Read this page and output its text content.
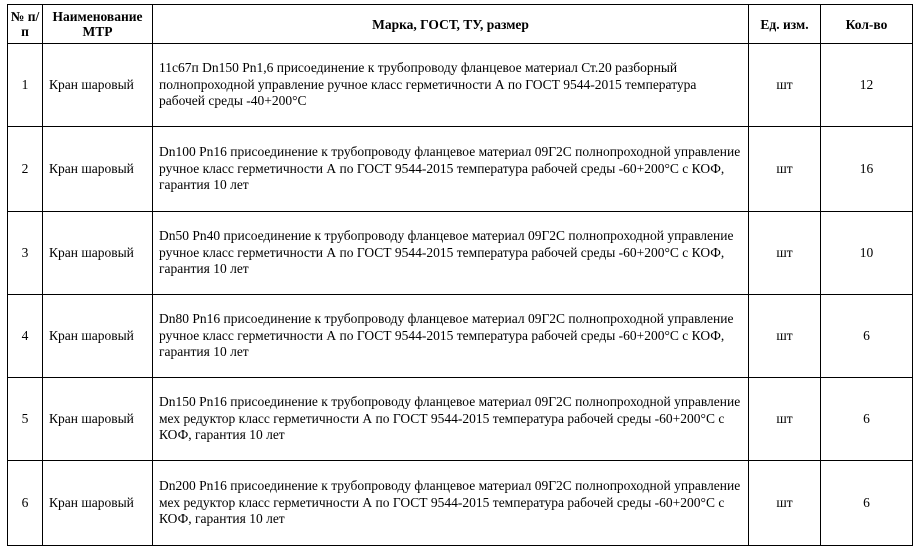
№ п/п	Наименование МТР	Марка, ГОСТ, ТУ, размер	Ед. изм.	Кол-во
1	Кран шаровый	11с67п Dn150 Pn1,6 присоединение к трубопроводу фланцевое материал Ст.20 разборный полнопроходной управление ручное класс герметичности А по ГОСТ 9544-2015 температура рабочей среды -40+200°С	шт	12
2	Кран шаровый	Dn100 Pn16 присоединение к трубопроводу фланцевое материал 09Г2С полнопроходной управление ручное класс герметичности А по ГОСТ 9544-2015 температура рабочей среды -60+200°С с КОФ, гарантия 10 лет	шт	16
3	Кран шаровый	Dn50 Pn40 присоединение к трубопроводу фланцевое материал 09Г2С полнопроходной управление ручное класс герметичности А по ГОСТ 9544-2015 температура рабочей среды -60+200°С с КОФ, гарантия 10 лет	шт	10
4	Кран шаровый	Dn80 Pn16 присоединение к трубопроводу фланцевое материал 09Г2С полнопроходной управление ручное класс герметичности А по ГОСТ 9544-2015 температура рабочей среды -60+200°С с КОФ, гарантия 10 лет	шт	6
5	Кран шаровый	Dn150 Pn16 присоединение к трубопроводу фланцевое материал 09Г2С полнопроходной управление мех редуктор класс герметичности А по ГОСТ 9544-2015 температура рабочей среды -60+200°С с КОФ, гарантия 10 лет	шт	6
6	Кран шаровый	Dn200 Pn16 присоединение к трубопроводу фланцевое материал 09Г2С полнопроходной управление мех редуктор класс герметичности А по ГОСТ 9544-2015 температура рабочей среды -60+200°С с КОФ, гарантия 10 лет	шт	6
